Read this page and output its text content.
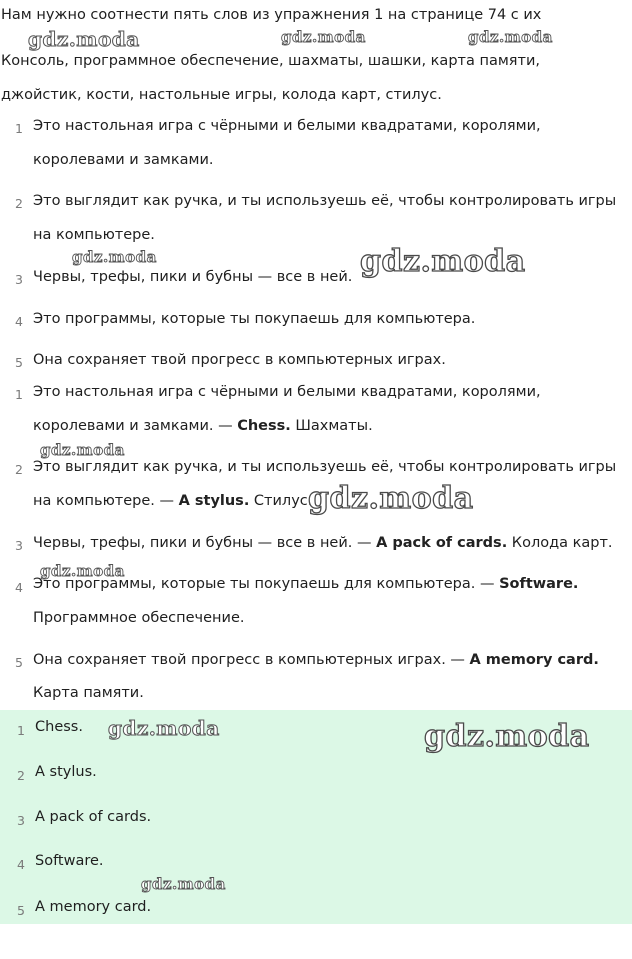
Нам нужно соотнести пять слов из упражнения 1 на странице 74 с их
Консоль, программное обеспечение, шахматы, шашки, карта памяти,
джойстик, кости, настольные игры, колода карт, стилус.
1 Это настольная игра с чёрными и белыми квадратами, королями,
королевами и замками.
2 Это выглядит как ручка, и ты используешь её, чтобы контролировать игры
на компьютере.
3 Червы, трефы, пики и бубны — все в ней.
4 Это программы, которые ты покупаешь для компьютера.
5 Она сохраняет твой прогресс в компьютерных играх.
1 Это настольная игра с чёрными и белыми квадратами, королями,
королевами и замками. — Chess. Шахматы.
2 Это выглядит как ручка, и ты используешь её, чтобы контролировать игры
на компьютере. — A stylus. Стилус.
3 Червы, трефы, пики и бубны — все в ней. — A pack of cards. Колода карт.
4 Это программы, которые ты покупаешь для компьютера. — Software.
Программное обеспечение.
5 Она сохраняет твой прогресс в компьютерных играх. — A memory card.
Карта памяти.
1 Chess.
2 A stylus.
3 A pack of cards.
4 Software.
5 A memory card.
gdz.moda	gdz.moda	gdz.moda
gdz.moda	gdz.moda
gdz.moda
gdz.moda
gdz.moda
gdz.moda	gdz.moda
gdz.moda
